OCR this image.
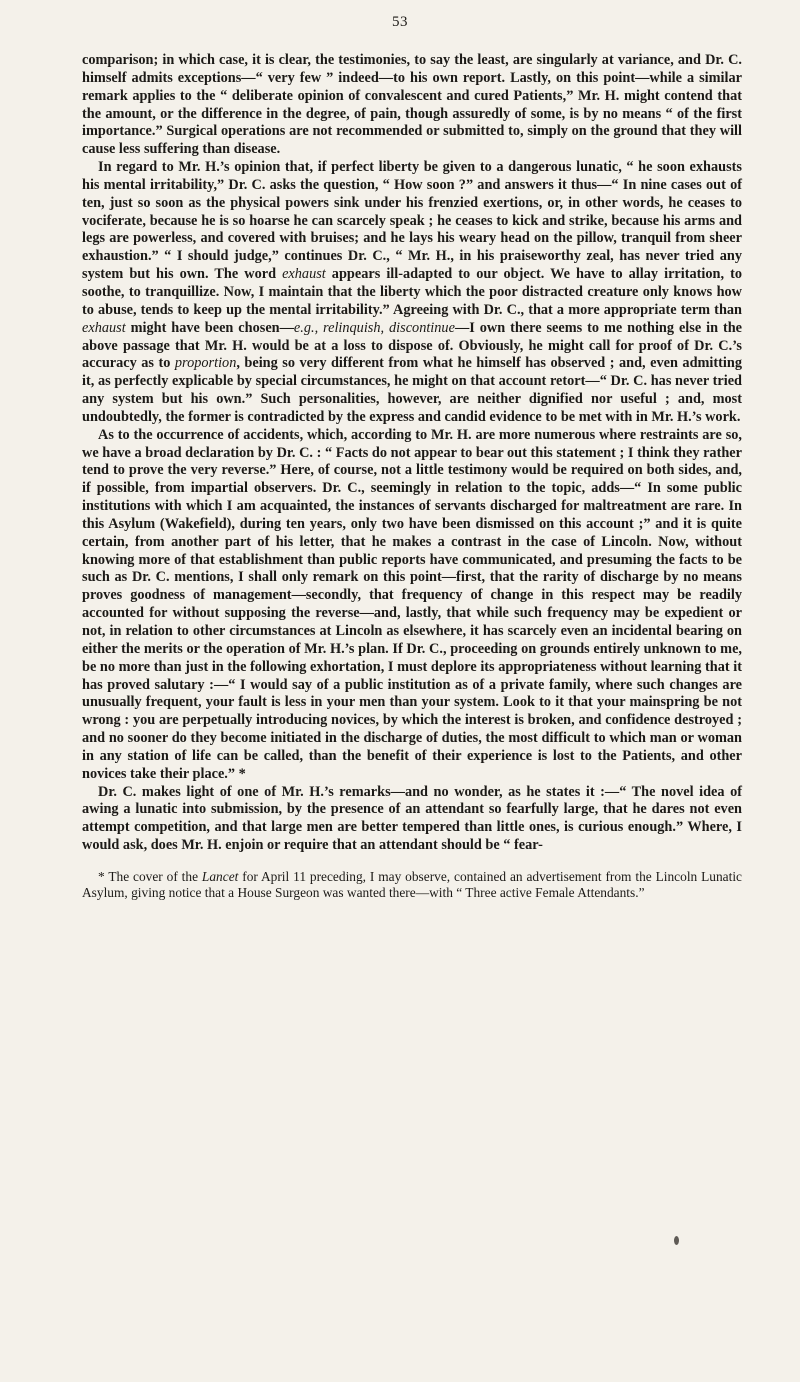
53

comparison; in which case, it is clear, the testimonies, to say the least, are singularly at variance, and Dr. C. himself admits exceptions—“ very few ” indeed—to his own report. Lastly, on this point—while a similar remark applies to the “ deliberate opinion of convalescent and cured Patients,” Mr. H. might contend that the amount, or the difference in the degree, of pain, though assuredly of some, is by no means “ of the first importance.” Surgical operations are not recommended or submitted to, simply on the ground that they will cause less suffering than disease.

In regard to Mr. H.’s opinion that, if perfect liberty be given to a dangerous lunatic, “ he soon exhausts his mental irritability,” Dr. C. asks the question, “ How soon ?” and answers it thus—“ In nine cases out of ten, just so soon as the physical powers sink under his frenzied exertions, or, in other words, he ceases to vociferate, because he is so hoarse he can scarcely speak ; he ceases to kick and strike, because his arms and legs are powerless, and covered with bruises; and he lays his weary head on the pillow, tranquil from sheer exhaustion.” “ I should judge,” continues Dr. C., “ Mr. H., in his praiseworthy zeal, has never tried any system but his own. The word exhaust appears ill-adapted to our object. We have to allay irritation, to soothe, to tranquillize. Now, I maintain that the liberty which the poor distracted creature only knows how to abuse, tends to keep up the mental irritability.” Agreeing with Dr. C., that a more appropriate term than exhaust might have been chosen—e.g., relinquish, discontinue—I own there seems to me nothing else in the above passage that Mr. H. would be at a loss to dispose of. Obviously, he might call for proof of Dr. C.’s accuracy as to proportion, being so very different from what he himself has observed ; and, even admitting it, as perfectly explicable by special circumstances, he might on that account retort—“ Dr. C. has never tried any system but his own.” Such personalities, however, are neither dignified nor useful ; and, most undoubtedly, the former is contradicted by the express and candid evidence to be met with in Mr. H.’s work.

As to the occurrence of accidents, which, according to Mr. H. are more numerous where restraints are so, we have a broad declaration by Dr. C. : “ Facts do not appear to bear out this statement ; I think they rather tend to prove the very reverse.” Here, of course, not a little testimony would be required on both sides, and, if possible, from impartial observers. Dr. C., seemingly in relation to the topic, adds—“ In some public institutions with which I am acquainted, the instances of servants discharged for maltreatment are rare. In this Asylum (Wakefield), during ten years, only two have been dismissed on this account ;” and it is quite certain, from another part of his letter, that he makes a contrast in the case of Lincoln. Now, without knowing more of that establishment than public reports have communicated, and presuming the facts to be such as Dr. C. mentions, I shall only remark on this point—first, that the rarity of discharge by no means proves goodness of management—secondly, that frequency of change in this respect may be readily accounted for without supposing the reverse—and, lastly, that while such frequency may be expedient or not, in relation to other circumstances at Lincoln as elsewhere, it has scarcely even an incidental bearing on either the merits or the operation of Mr. H.’s plan. If Dr. C., proceeding on grounds entirely unknown to me, be no more than just in the following exhortation, I must deplore its appropriateness without learning that it has proved salutary :—“ I would say of a public institution as of a private family, where such changes are unusually frequent, your fault is less in your men than your system. Look to it that your mainspring be not wrong : you are perpetually introducing novices, by which the interest is broken, and confidence destroyed ; and no sooner do they become initiated in the discharge of duties, the most difficult to which man or woman in any station of life can be called, than the benefit of their experience is lost to the Patients, and other novices take their place.” *

Dr. C. makes light of one of Mr. H.’s remarks—and no wonder, as he states it :—“ The novel idea of awing a lunatic into submission, by the presence of an attendant so fearfully large, that he dares not even attempt competition, and that large men are better tempered than little ones, is curious enough.” Where, I would ask, does Mr. H. enjoin or require that an attendant should be “ fear-

* The cover of the Lancet for April 11 preceding, I may observe, contained an advertisement from the Lincoln Lunatic Asylum, giving notice that a House Surgeon was wanted there—with “ Three active Female Attendants.”
